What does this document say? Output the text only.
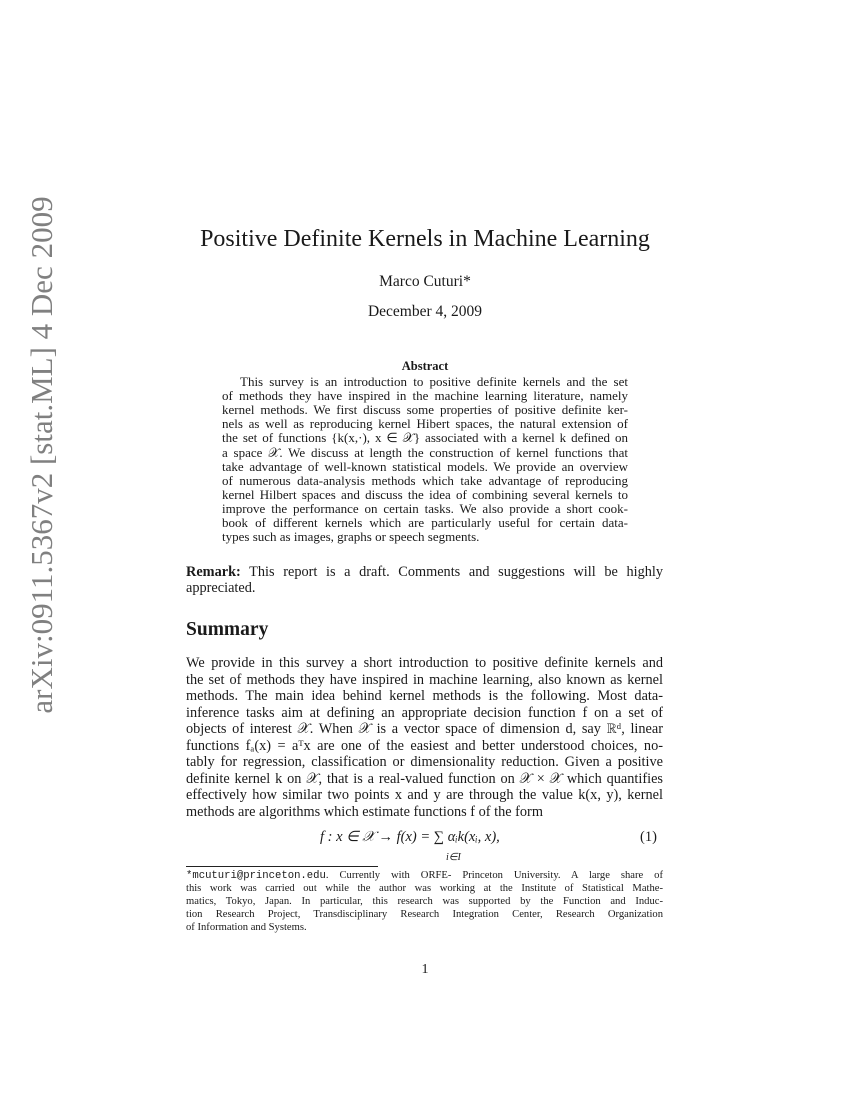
arXiv:0911.5367v2 [stat.ML] 4 Dec 2009	Positive Definite Kernels in Machine Learning
Marco Cuturi*
December 4, 2009
Abstract
This survey is an introduction to positive definite kernels and the set
of methods they have inspired in the machine learning literature, namely
kernel methods. We first discuss some properties of positive definite ker-
nels as well as reproducing kernel Hibert spaces, the natural extension of
the set of functions {k(x,·), x ∈ 𝒳} associated with a kernel k defined on
a space 𝒳. We discuss at length the construction of kernel functions that
take advantage of well-known statistical models. We provide an overview
of numerous data-analysis methods which take advantage of reproducing
kernel Hilbert spaces and discuss the idea of combining several kernels to
improve the performance on certain tasks. We also provide a short cook-
book of different kernels which are particularly useful for certain data-
types such as images, graphs or speech segments.
Remark: This report is a draft. Comments and suggestions will be highly
appreciated.
Summary
We provide in this survey a short introduction to positive definite kernels and
the set of methods they have inspired in machine learning, also known as kernel
methods. The main idea behind kernel methods is the following. Most data-
inference tasks aim at defining an appropriate decision function f on a set of
objects of interest 𝒳. When 𝒳 is a vector space of dimension d, say ℝᵈ, linear
functions fₐ(x) = aᵀx are one of the easiest and better understood choices, no-
tably for regression, classification or dimensionality reduction. Given a positive
definite kernel k on 𝒳, that is a real-valued function on 𝒳 × 𝒳 which quantifies
effectively how similar two points x and y are through the value k(x, y), kernel
methods are algorithms which estimate functions f of the form
f : x ∈ 𝒳 → f(x) = ∑ αᵢk(xᵢ, x),
i∈I
(1)
*mcuturi@princeton.edu. Currently with ORFE- Princeton University. A large share of
this work was carried out while the author was working at the Institute of Statistical Mathe-
matics, Tokyo, Japan. In particular, this research was supported by the Function and Induc-
tion Research Project, Transdisciplinary Research Integration Center, Research Organization
of Information and Systems.
1
